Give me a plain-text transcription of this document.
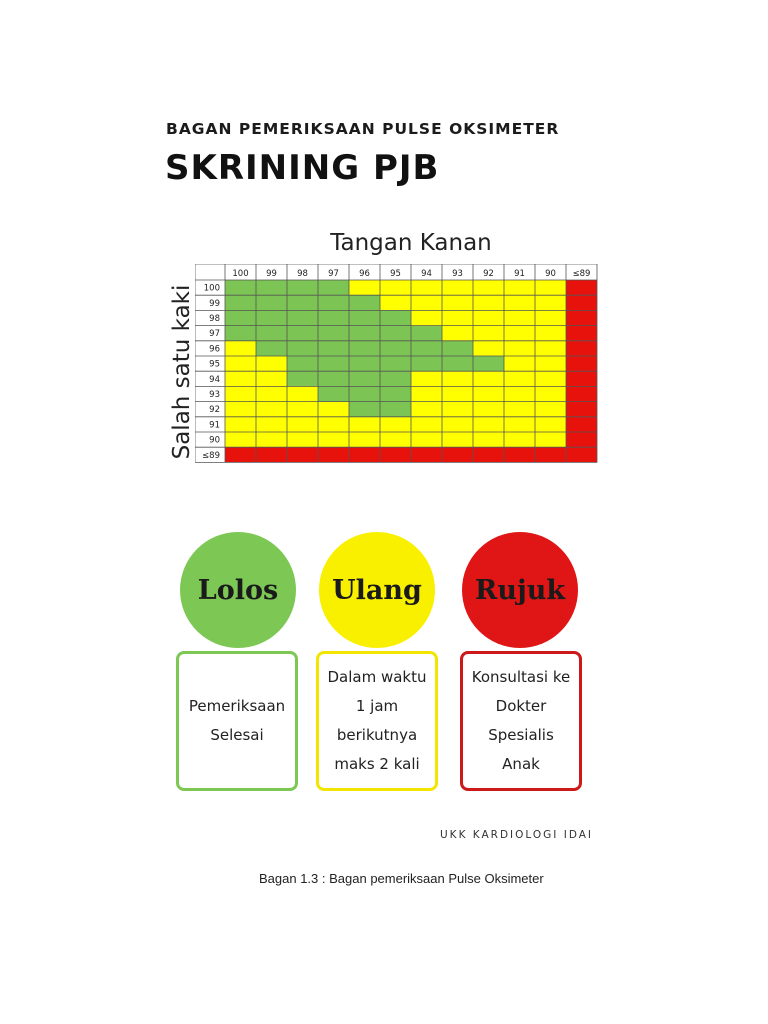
BAGAN PEMERIKSAAN PULSE OKSIMETER
SKRINING PJB
Tangan Kanan
Salah satu kaki
100 99 98 97 96 95 94 93 92 91 90 ≤89
100
99
98
97
96
95
94
93
92
91
90
≤89
Lolos Ulang Rujuk
Pemeriksaan
Selesai
Dalam waktu
1 jam
berikutnya
maks 2 kali
Konsultasi ke
Dokter
Spesialis
Anak
UKK KARDIOLOGI IDAI
Bagan 1.3 : Bagan pemeriksaan Pulse Oksimeter
